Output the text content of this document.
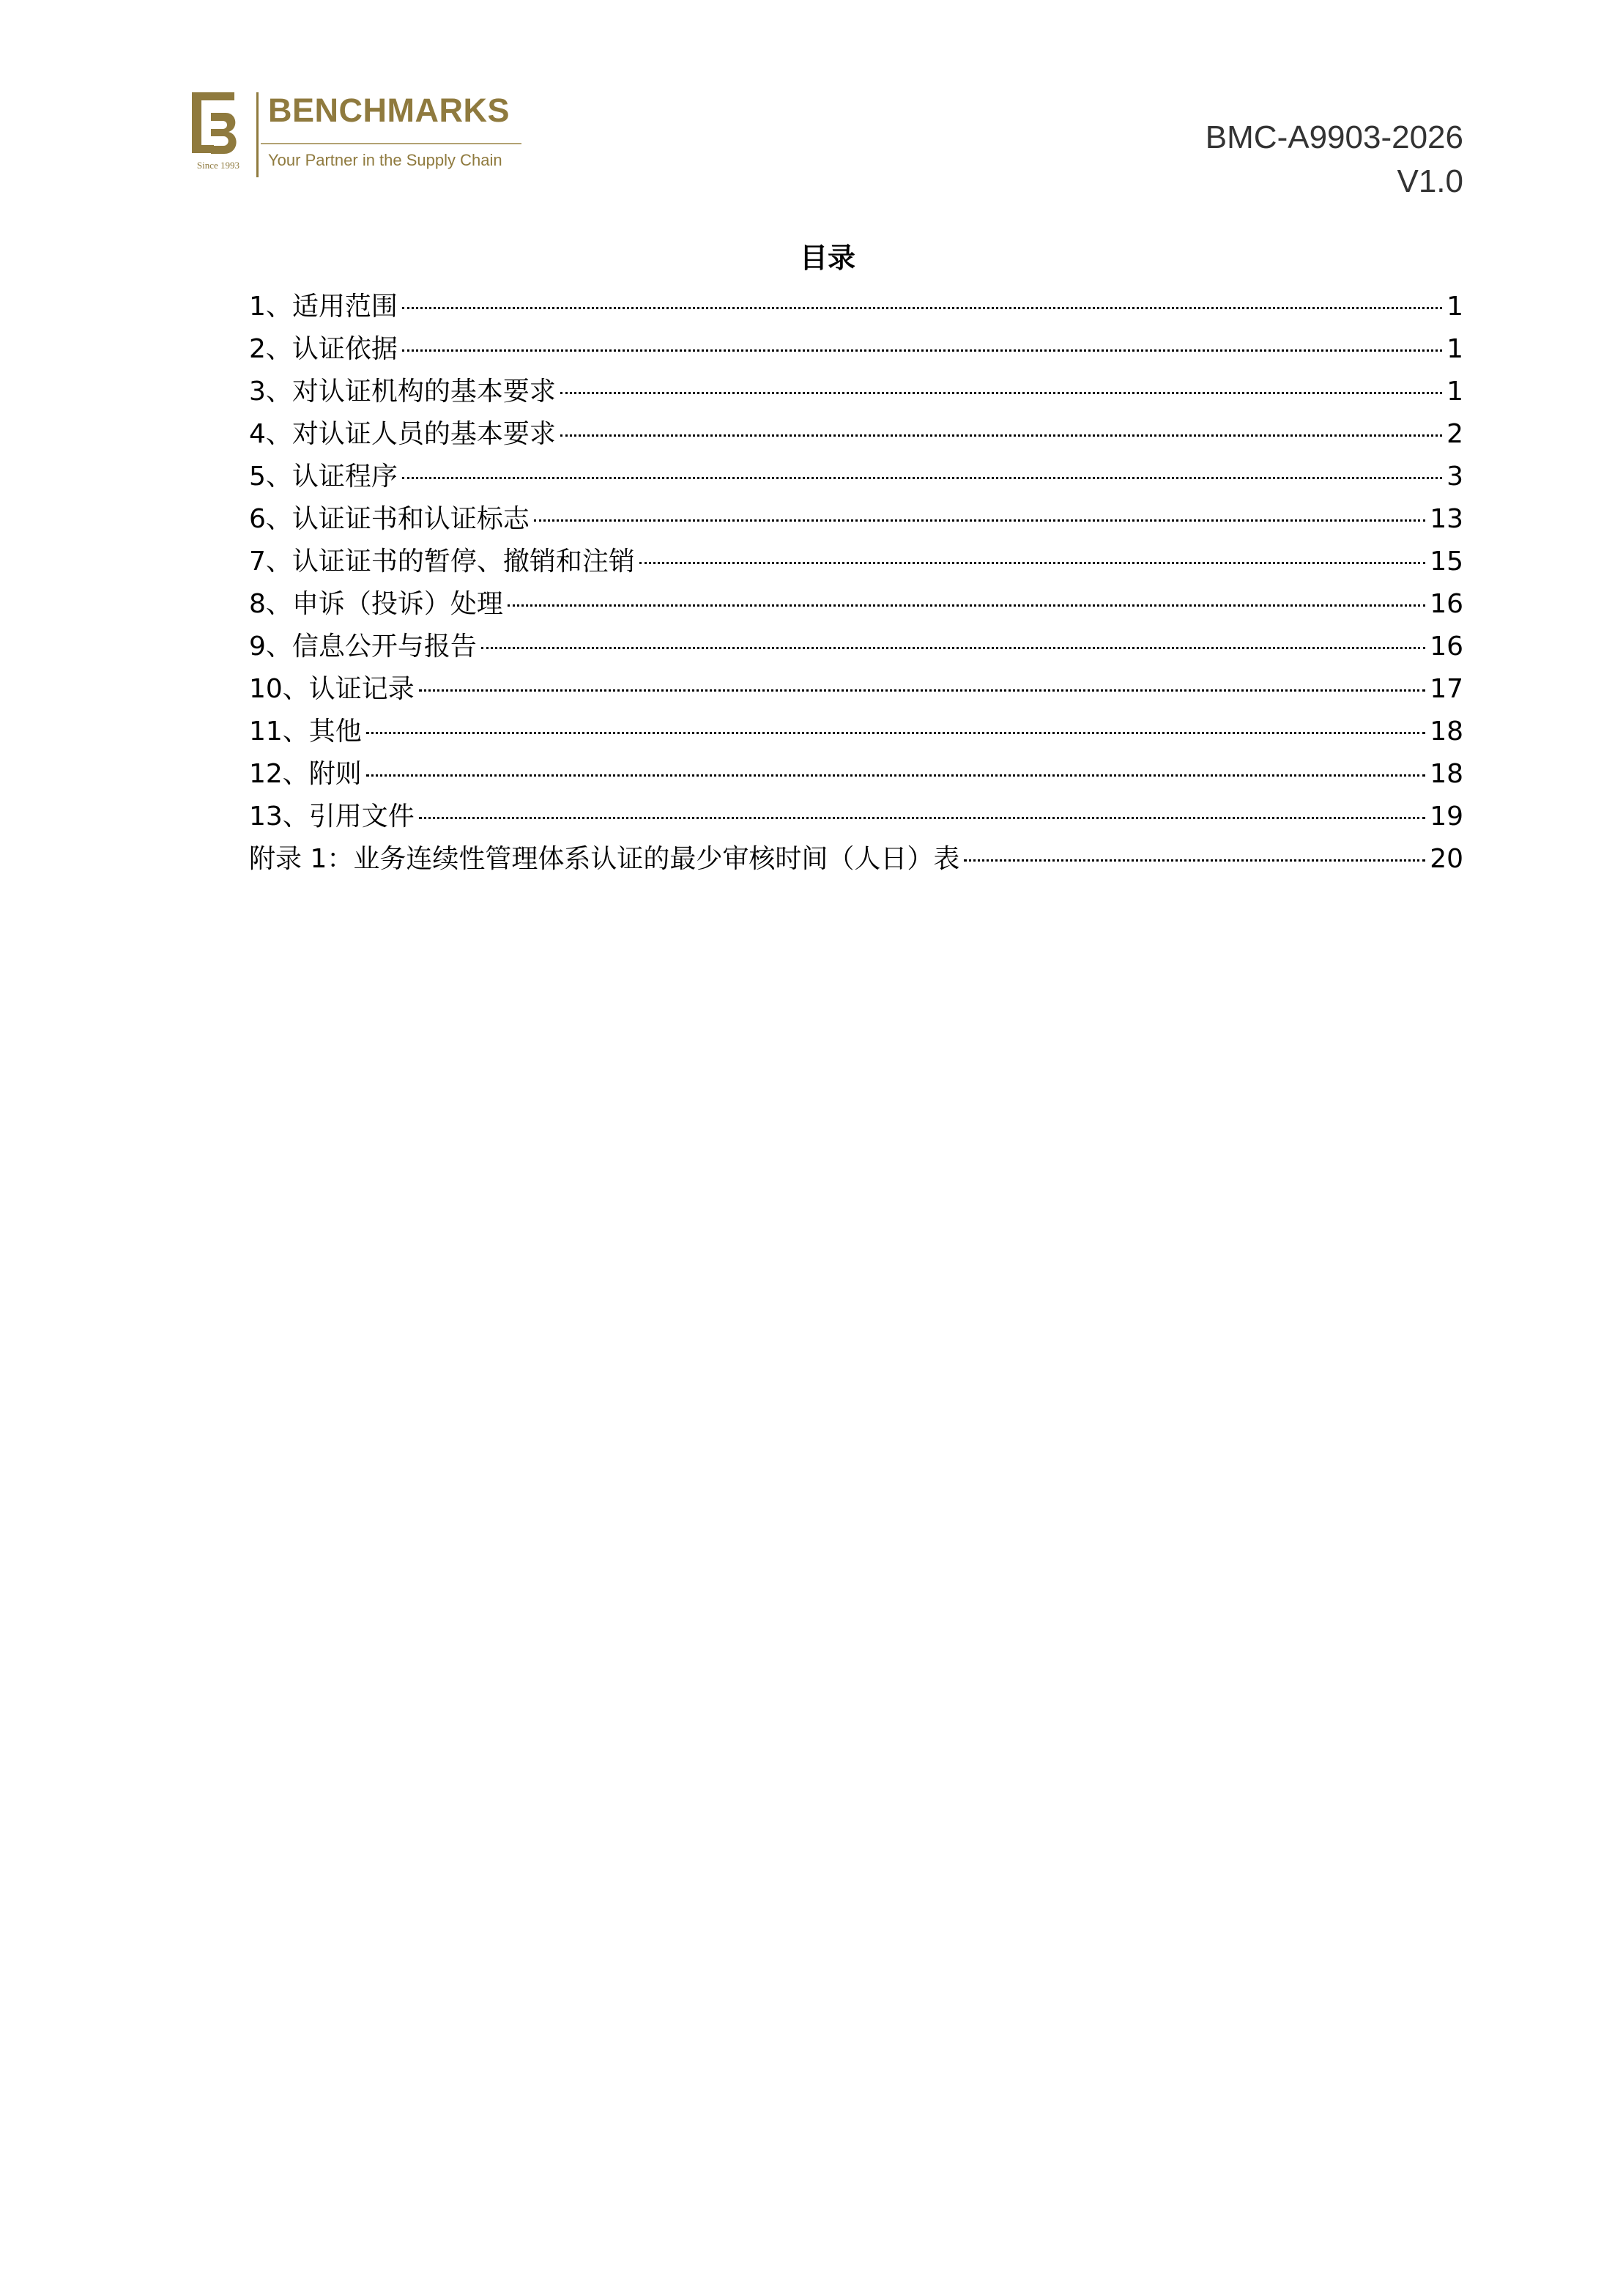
Since 1993
BENCHMARKS
Your Partner in the Supply Chain
BMC-A9903-2026
V1.0
目录
1、适用范围	1
2、认证依据	1
3、对认证机构的基本要求	1
4、对认证人员的基本要求	2
5、认证程序	3
6、认证证书和认证标志	13
7、认证证书的暂停、撤销和注销	15
8、申诉（投诉）处理	16
9、信息公开与报告	16
10、认证记录	17
11、其他	18
12、附则	18
13、引用文件	19
附录 1：业务连续性管理体系认证的最少审核时间（人日）表	20
